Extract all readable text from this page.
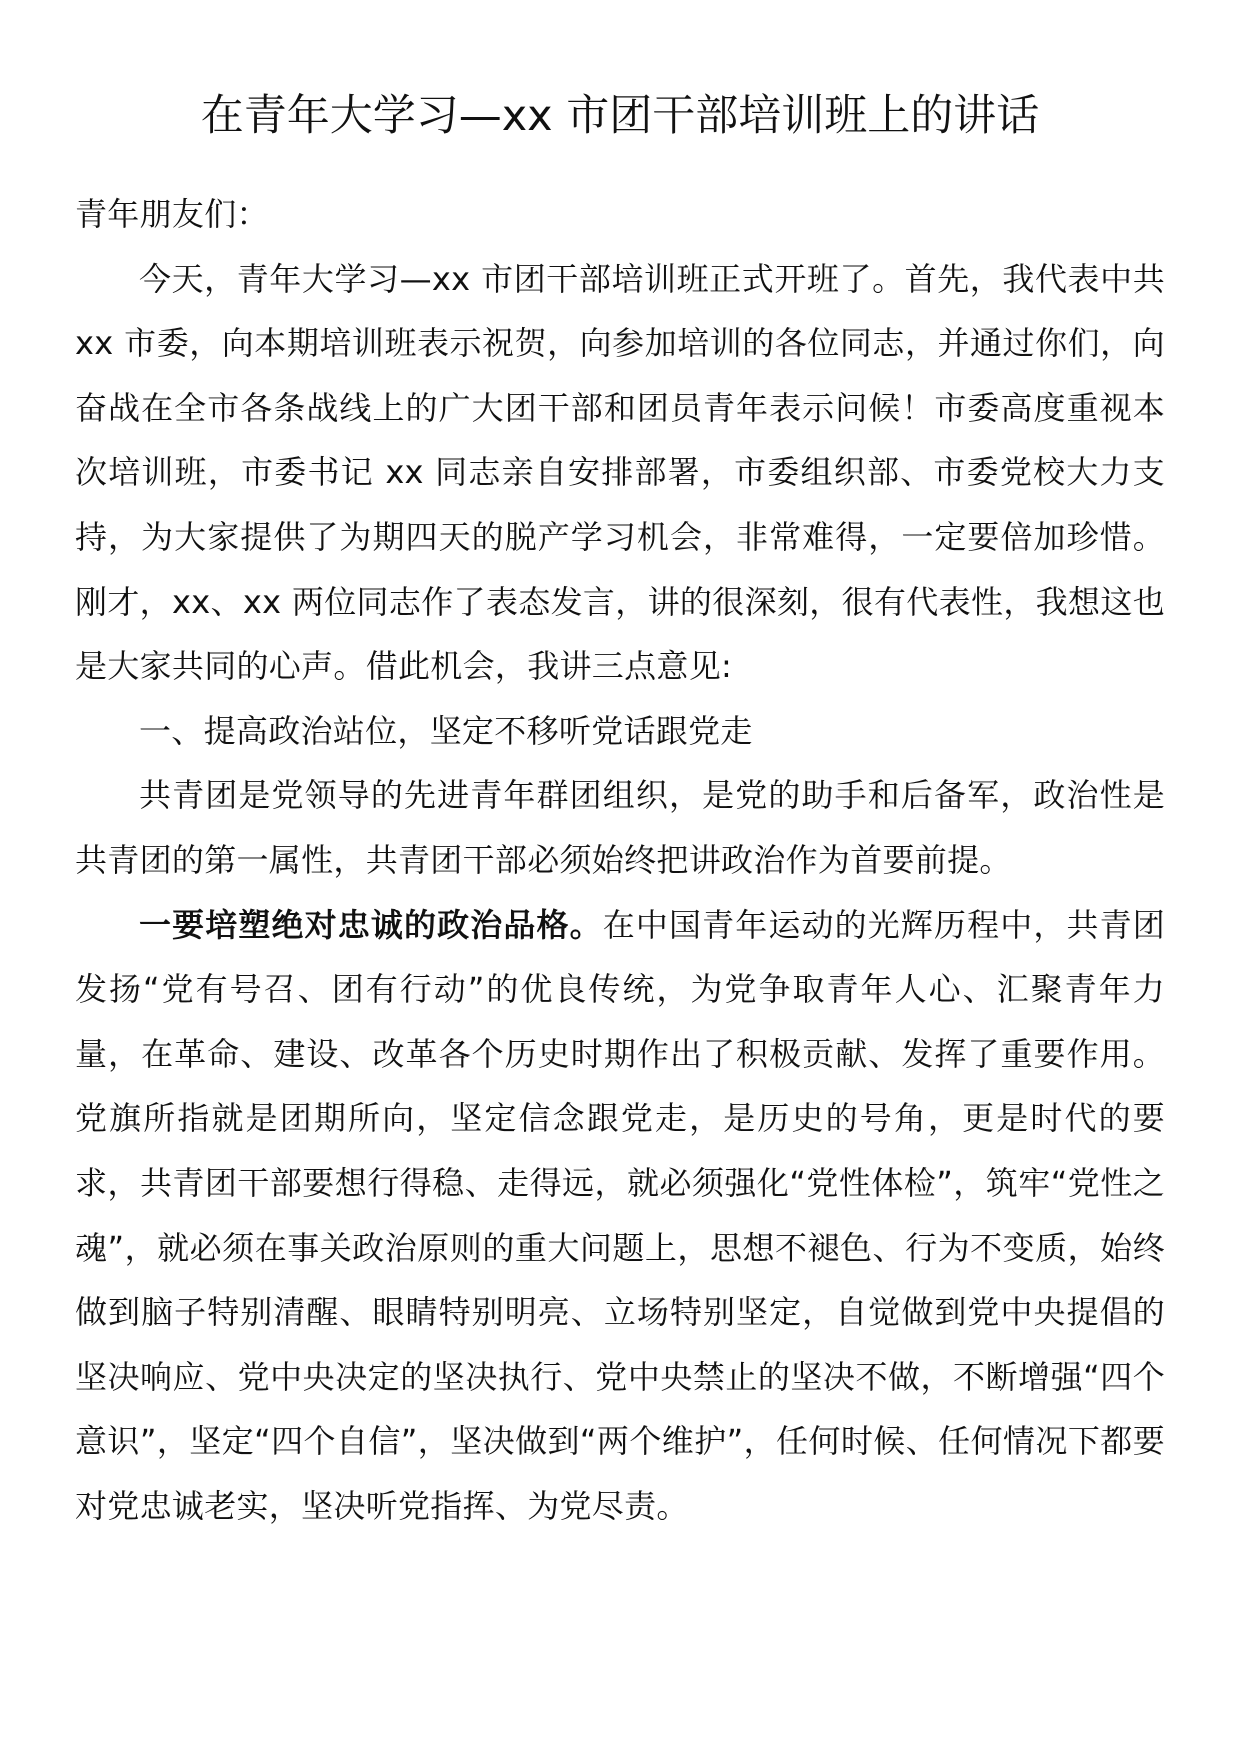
在青年大学习—xx 市团干部培训班上的讲话

青年朋友们：

今天，青年大学习—xx 市团干部培训班正式开班了。首先，我代表中共 xx 市委，向本期培训班表示祝贺，向参加培训的各位同志，并通过你们，向奋战在全市各条战线上的广大团干部和团员青年表示问候！市委高度重视本次培训班，市委书记 xx 同志亲自安排部署，市委组织部、市委党校大力支持，为大家提供了为期四天的脱产学习机会，非常难得，一定要倍加珍惜。刚才，xx、xx 两位同志作了表态发言，讲的很深刻，很有代表性，我想这也是大家共同的心声。借此机会，我讲三点意见:

一、提高政治站位，坚定不移听党话跟党走

共青团是党领导的先进青年群团组织，是党的助手和后备军，政治性是共青团的第一属性，共青团干部必须始终把讲政治作为首要前提。

一要培塑绝对忠诚的政治品格。在中国青年运动的光辉历程中，共青团发扬“党有号召、团有行动”的优良传统，为党争取青年人心、汇聚青年力量，在革命、建设、改革各个历史时期作出了积极贡献、发挥了重要作用。党旗所指就是团期所向，坚定信念跟党走，是历史的号角，更是时代的要求，共青团干部要想行得稳、走得远，就必须强化“党性体检”，筑牢“党性之魂”，就必须在事关政治原则的重大问题上，思想不褪色、行为不变质，始终做到脑子特别清醒、眼睛特别明亮、立场特别坚定，自觉做到党中央提倡的坚决响应、党中央决定的坚决执行、党中央禁止的坚决不做，不断增强“四个意识”，坚定“四个自信”，坚决做到“两个维护”，任何时候、任何情况下都要对党忠诚老实，坚决听党指挥、为党尽责。
